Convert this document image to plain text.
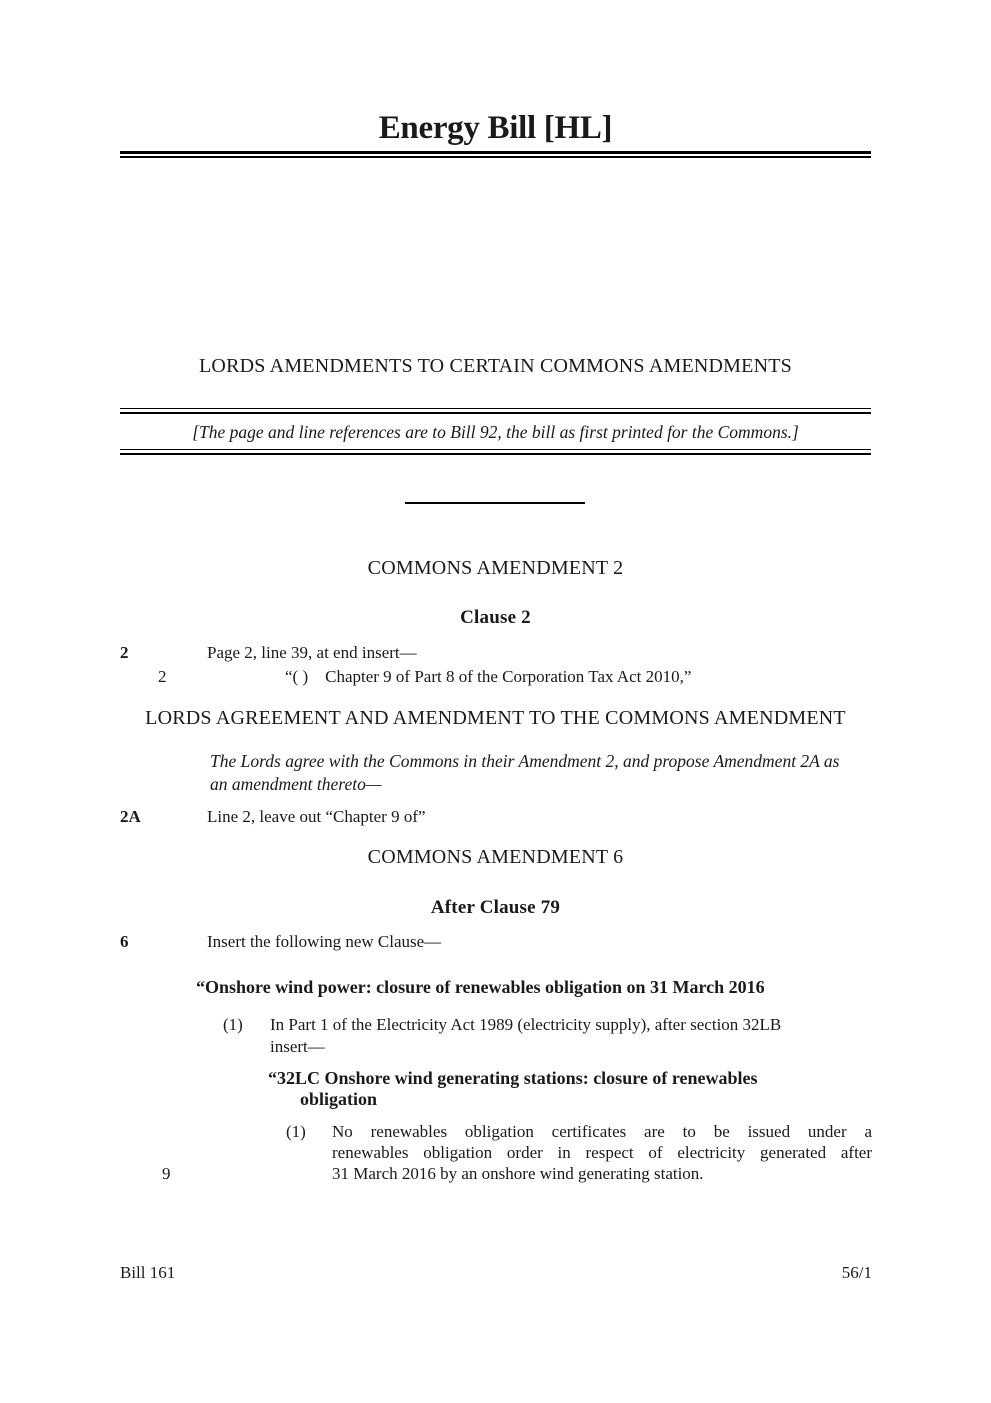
Energy Bill [HL]
LORDS AMENDMENTS TO CERTAIN COMMONS AMENDMENTS
[The page and line references are to Bill 92, the bill as first printed for the Commons.]
COMMONS AMENDMENT 2
Clause 2
2	Page 2, line 39, at end insert—
2	“( ) Chapter 9 of Part 8 of the Corporation Tax Act 2010,”
LORDS AGREEMENT AND AMENDMENT TO THE COMMONS AMENDMENT
The Lords agree with the Commons in their Amendment 2, and propose Amendment 2A as
an amendment thereto—
2A	Line 2, leave out “Chapter 9 of”
COMMONS AMENDMENT 6
After Clause 79
6	Insert the following new Clause—
“Onshore wind power: closure of renewables obligation on 31 March 2016
(1) In Part 1 of the Electricity Act 1989 (electricity supply), after section 32LB
insert—
“32LC Onshore wind generating stations: closure of renewables
obligation
9
(1) No renewables obligation certificates are to be issued under a
renewables obligation order in respect of electricity generated after
31 March 2016 by an onshore wind generating station.
Bill 161	56/1
